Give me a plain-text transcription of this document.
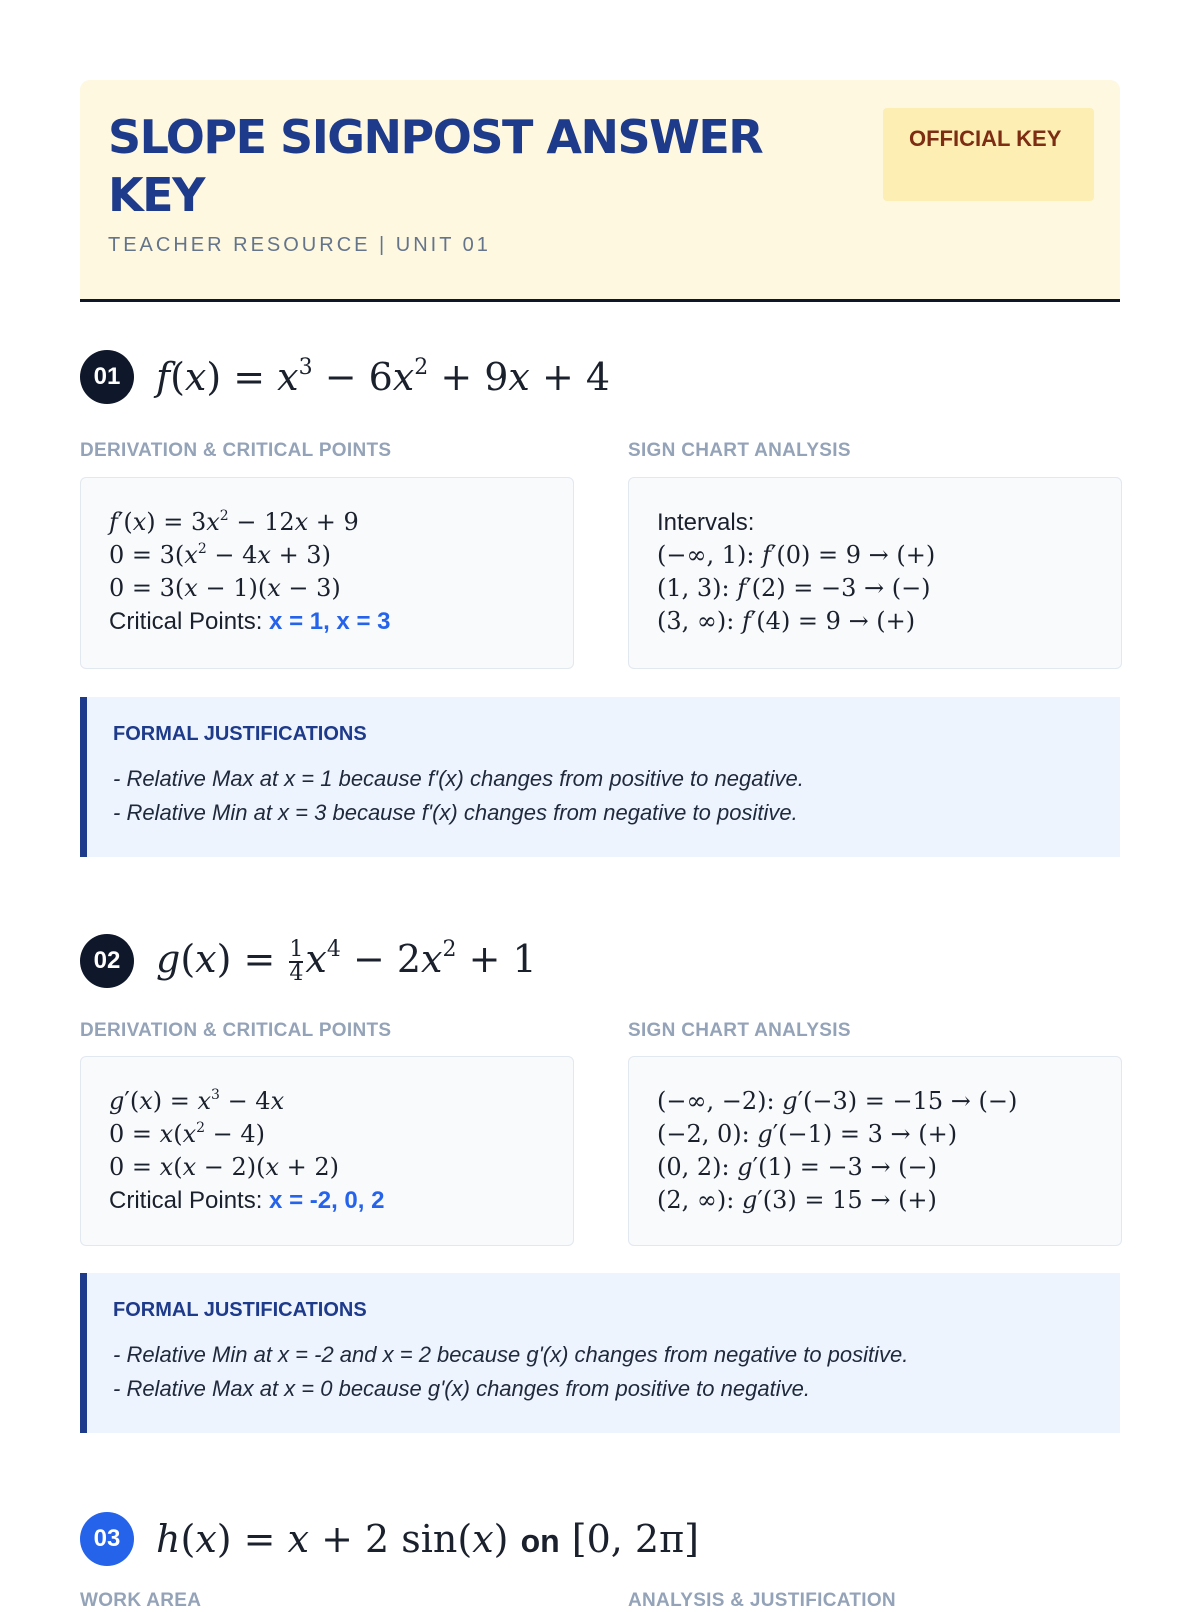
SLOPE SIGNPOST ANSWER KEY
TEACHER RESOURCE | UNIT 01
OFFICIAL KEY
01 $f(x) = x^3 - 6x^2 + 9x + 4$
DERIVATION & CRITICAL POINTS	SIGN CHART ANALYSIS
$f'(x) = 3x^2 - 12x + 9$
$0 = 3(x^2 - 4x + 3)$
0 = 3(x − 1)(x − 3)
Critical Points: x = 1, x = 3
Intervals:
(−∞, 1): f′(0) = 9 → (+)
(1, 3): f′(2) = −3 → (−)
(3, ∞): f′(4) = 9 → (+)
FORMAL JUSTIFICATIONS
- Relative Max at x = 1 because f'(x) changes from positive to negative.
- Relative Min at x = 3 because f'(x) changes from negative to positive.
02 $g(x) = \frac{1}{4} x^4 - 2x^2 + 1$
DERIVATION & CRITICAL POINTS	SIGN CHART ANALYSIS
$g'(x) = x^3 - 4x$
$0 = x(x^2 - 4)$
0 = x(x − 2)(x + 2)
Critical Points: x = -2, 0, 2
(−∞, −2): g′(−3) = −15 → (−)
(−2, 0): g′(−1) = 3 → (+)
(0, 2): g′(1) = −3 → (−)
(2, ∞): g′(3) = 15 → (+)
FORMAL JUSTIFICATIONS
- Relative Min at x = -2 and x = 2 because g'(x) changes from negative to positive.
- Relative Max at x = 0 because g'(x) changes from positive to negative.
03 h(x) = x + 2 sin(x) on [0, 2π]
WORK AREA	ANALYSIS & JUSTIFICATION
